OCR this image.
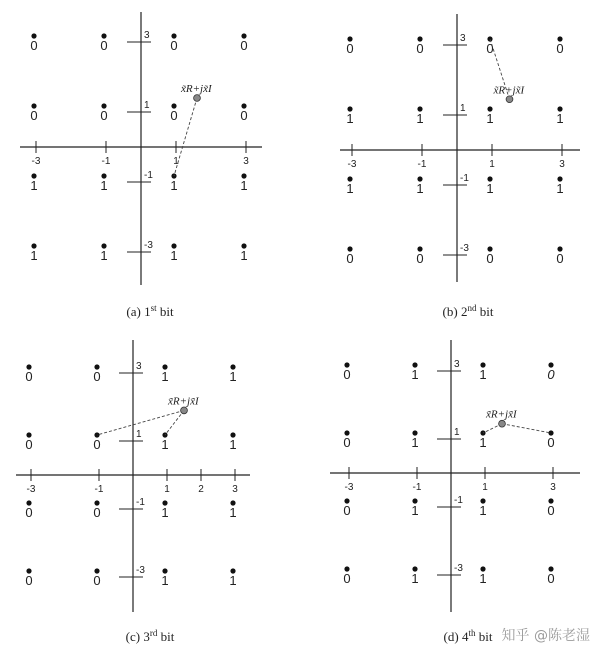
-3	-1	1	3
3
1
-1
-3
0	0	0	0
0	0	0	0
1	1	1	1
1	1	1	1
x̃R+jx̃I
(a) 1st bit
-3	-1	1	3
3
1
-1
-3
0	0	0	0
1	1	1	1
1	1	1	1
0	0	0	0
x̃R+jx̃I
(b) 2nd bit
-3	-1	1	2	3
3
1
-1
-3
0	0	1	1
0	0	1	1
0	0	1	1
0	0	1	1
x̃R+jx̃I
(c) 3rd bit
-3	-1	1	3
3
1
-1
-3
0	1	1	0
0	1	1	0
0	1	1	0
0	1	1	0
x̃R+jx̃I
(d) 4th bit 知乎 @陈老湿
